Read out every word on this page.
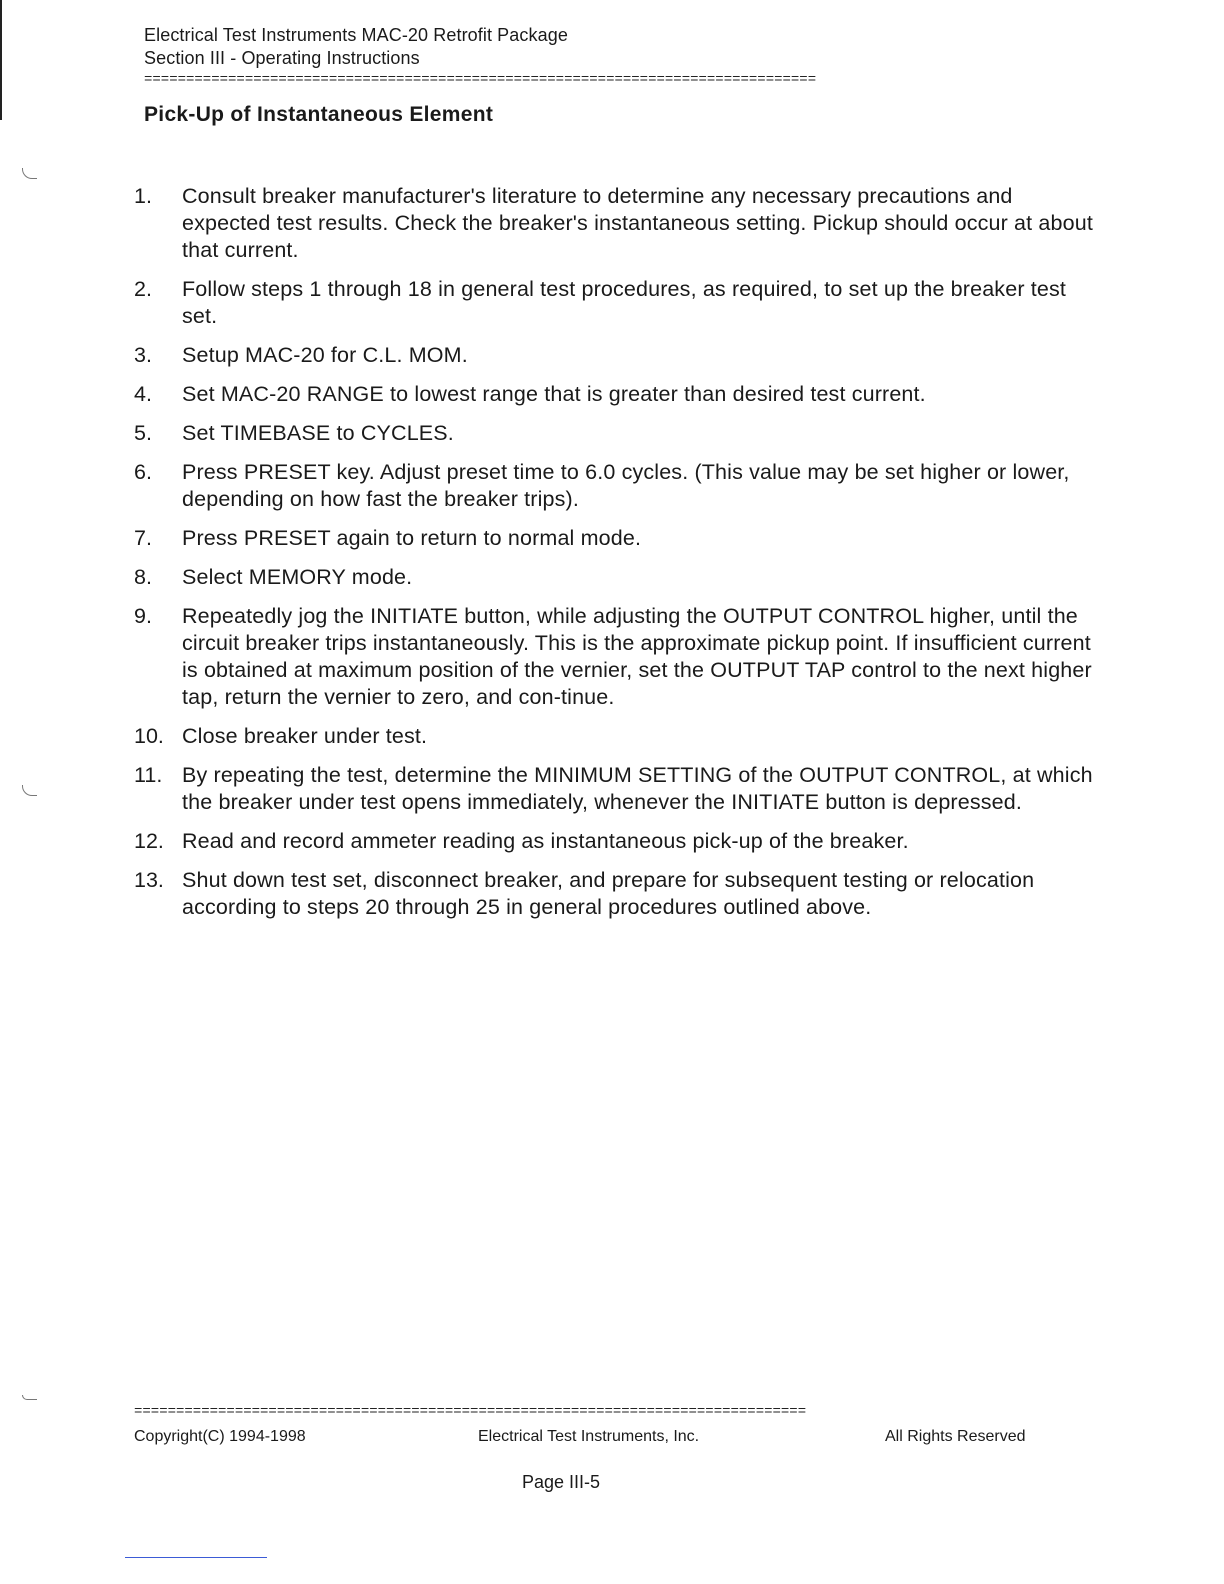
Electrical Test Instruments MAC-20 Retrofit Package
Section III - Operating Instructions
================================================================================
Pick-Up of Instantaneous Element
1.	Consult breaker manufacturer's literature to determine any necessary precautions and expected test results. Check the breaker's instantaneous setting. Pickup should occur at about that current.
2.	Follow steps 1 through 18 in general test procedures, as required, to set up the breaker test set.
3.	Setup MAC-20 for C.L. MOM.
4.	Set MAC-20 RANGE to lowest range that is greater than desired test current.
5.	Set TIMEBASE to CYCLES.
6.	Press PRESET key. Adjust preset time to 6.0 cycles. (This value may be set higher or lower, depending on how fast the breaker trips).
7.	Press PRESET again to return to normal mode.
8.	Select MEMORY mode.
9.	Repeatedly jog the INITIATE button, while adjusting the OUTPUT CONTROL higher, until the circuit breaker trips instantaneously. This is the approximate pickup point. If insufficient current is obtained at maximum position of the vernier, set the OUTPUT TAP control to the next higher tap, return the vernier to zero, and con-tinue.
10. Close breaker under test.
11. By repeating the test, determine the MINIMUM SETTING of the OUTPUT CONTROL, at which the breaker under test opens immediately, whenever the INITIATE button is depressed.
12. Read and record ammeter reading as instantaneous pick-up of the breaker.
13. Shut down test set, disconnect breaker, and prepare for subsequent testing or relocation according to steps 20 through 25 in general procedures outlined above.
================================================================================
Copyright(C) 1994-1998	Electrical Test Instruments, Inc.	All Rights Reserved
Page III-5
